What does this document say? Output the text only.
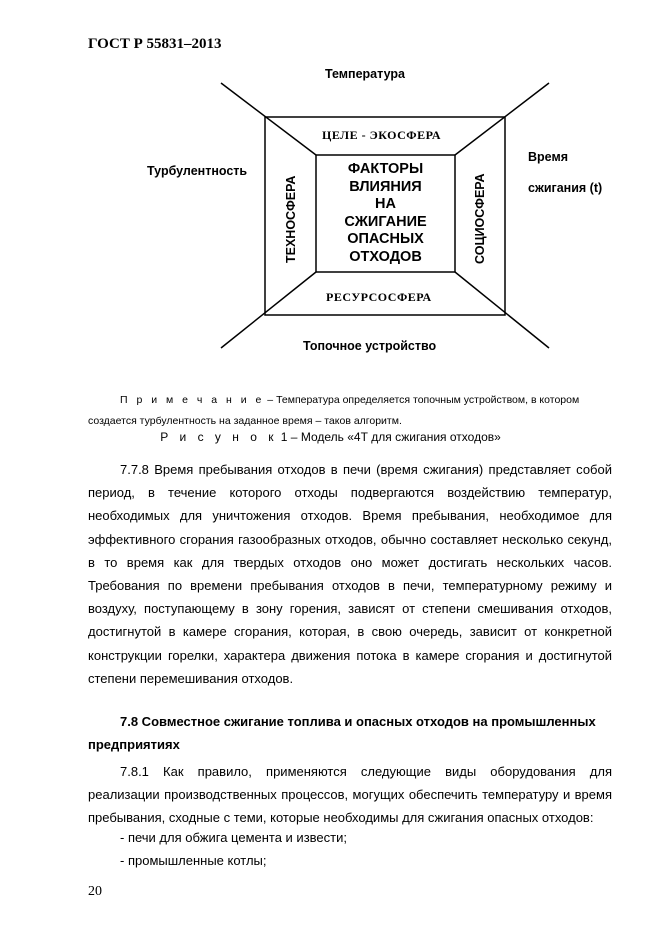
ГОСТ Р 55831–2013
Температура
Турбулентность
Время
сжигания (t)
Топочное устройство
ЦЕЛЕ - ЭКОСФЕРА
РЕСУРСОСФЕРА
ТЕХНОСФЕРА	СОЦИОСФЕРА
ФАКТОРЫ
ВЛИЯНИЯ
НА
СЖИГАНИЕ
ОПАСНЫХ
ОТХОДОВ
П р и м е ч а н и е – Температура определяется топочным устройством, в котором создается турбулентность на заданное время – таков алгоритм.
Р и с у н о к 1 – Модель «4Т для сжигания отходов»
7.7.8 Время пребывания отходов в печи (время сжигания) представляет собой период, в течение которого отходы подвергаются воздействию температур, необходимых для уничтожения отходов. Время пребывания, необходимое для эффективного сгорания газообразных отходов, обычно составляет несколько секунд, в то время как для твердых отходов оно может достигать нескольких часов. Требования по времени пребывания отходов в печи, температурному режиму и воздуху, поступающему в зону горения, зависят от степени смешивания отходов, достигнутой в камере сгорания, которая, в свою очередь, зависит от конкретной конструкции горелки, характера движения потока в камере сгорания и достигнутой степени перемешивания отходов.
7.8 Совместное сжигание топлива и опасных отходов на промышленных предприятиях
7.8.1 Как правило, применяются следующие виды оборудования для реализации производственных процессов, могущих обеспечить температуру и время пребывания, сходные с теми, которые необходимы для сжигания опасных отходов:
- печи для обжига цемента и извести;
- промышленные котлы;
20
